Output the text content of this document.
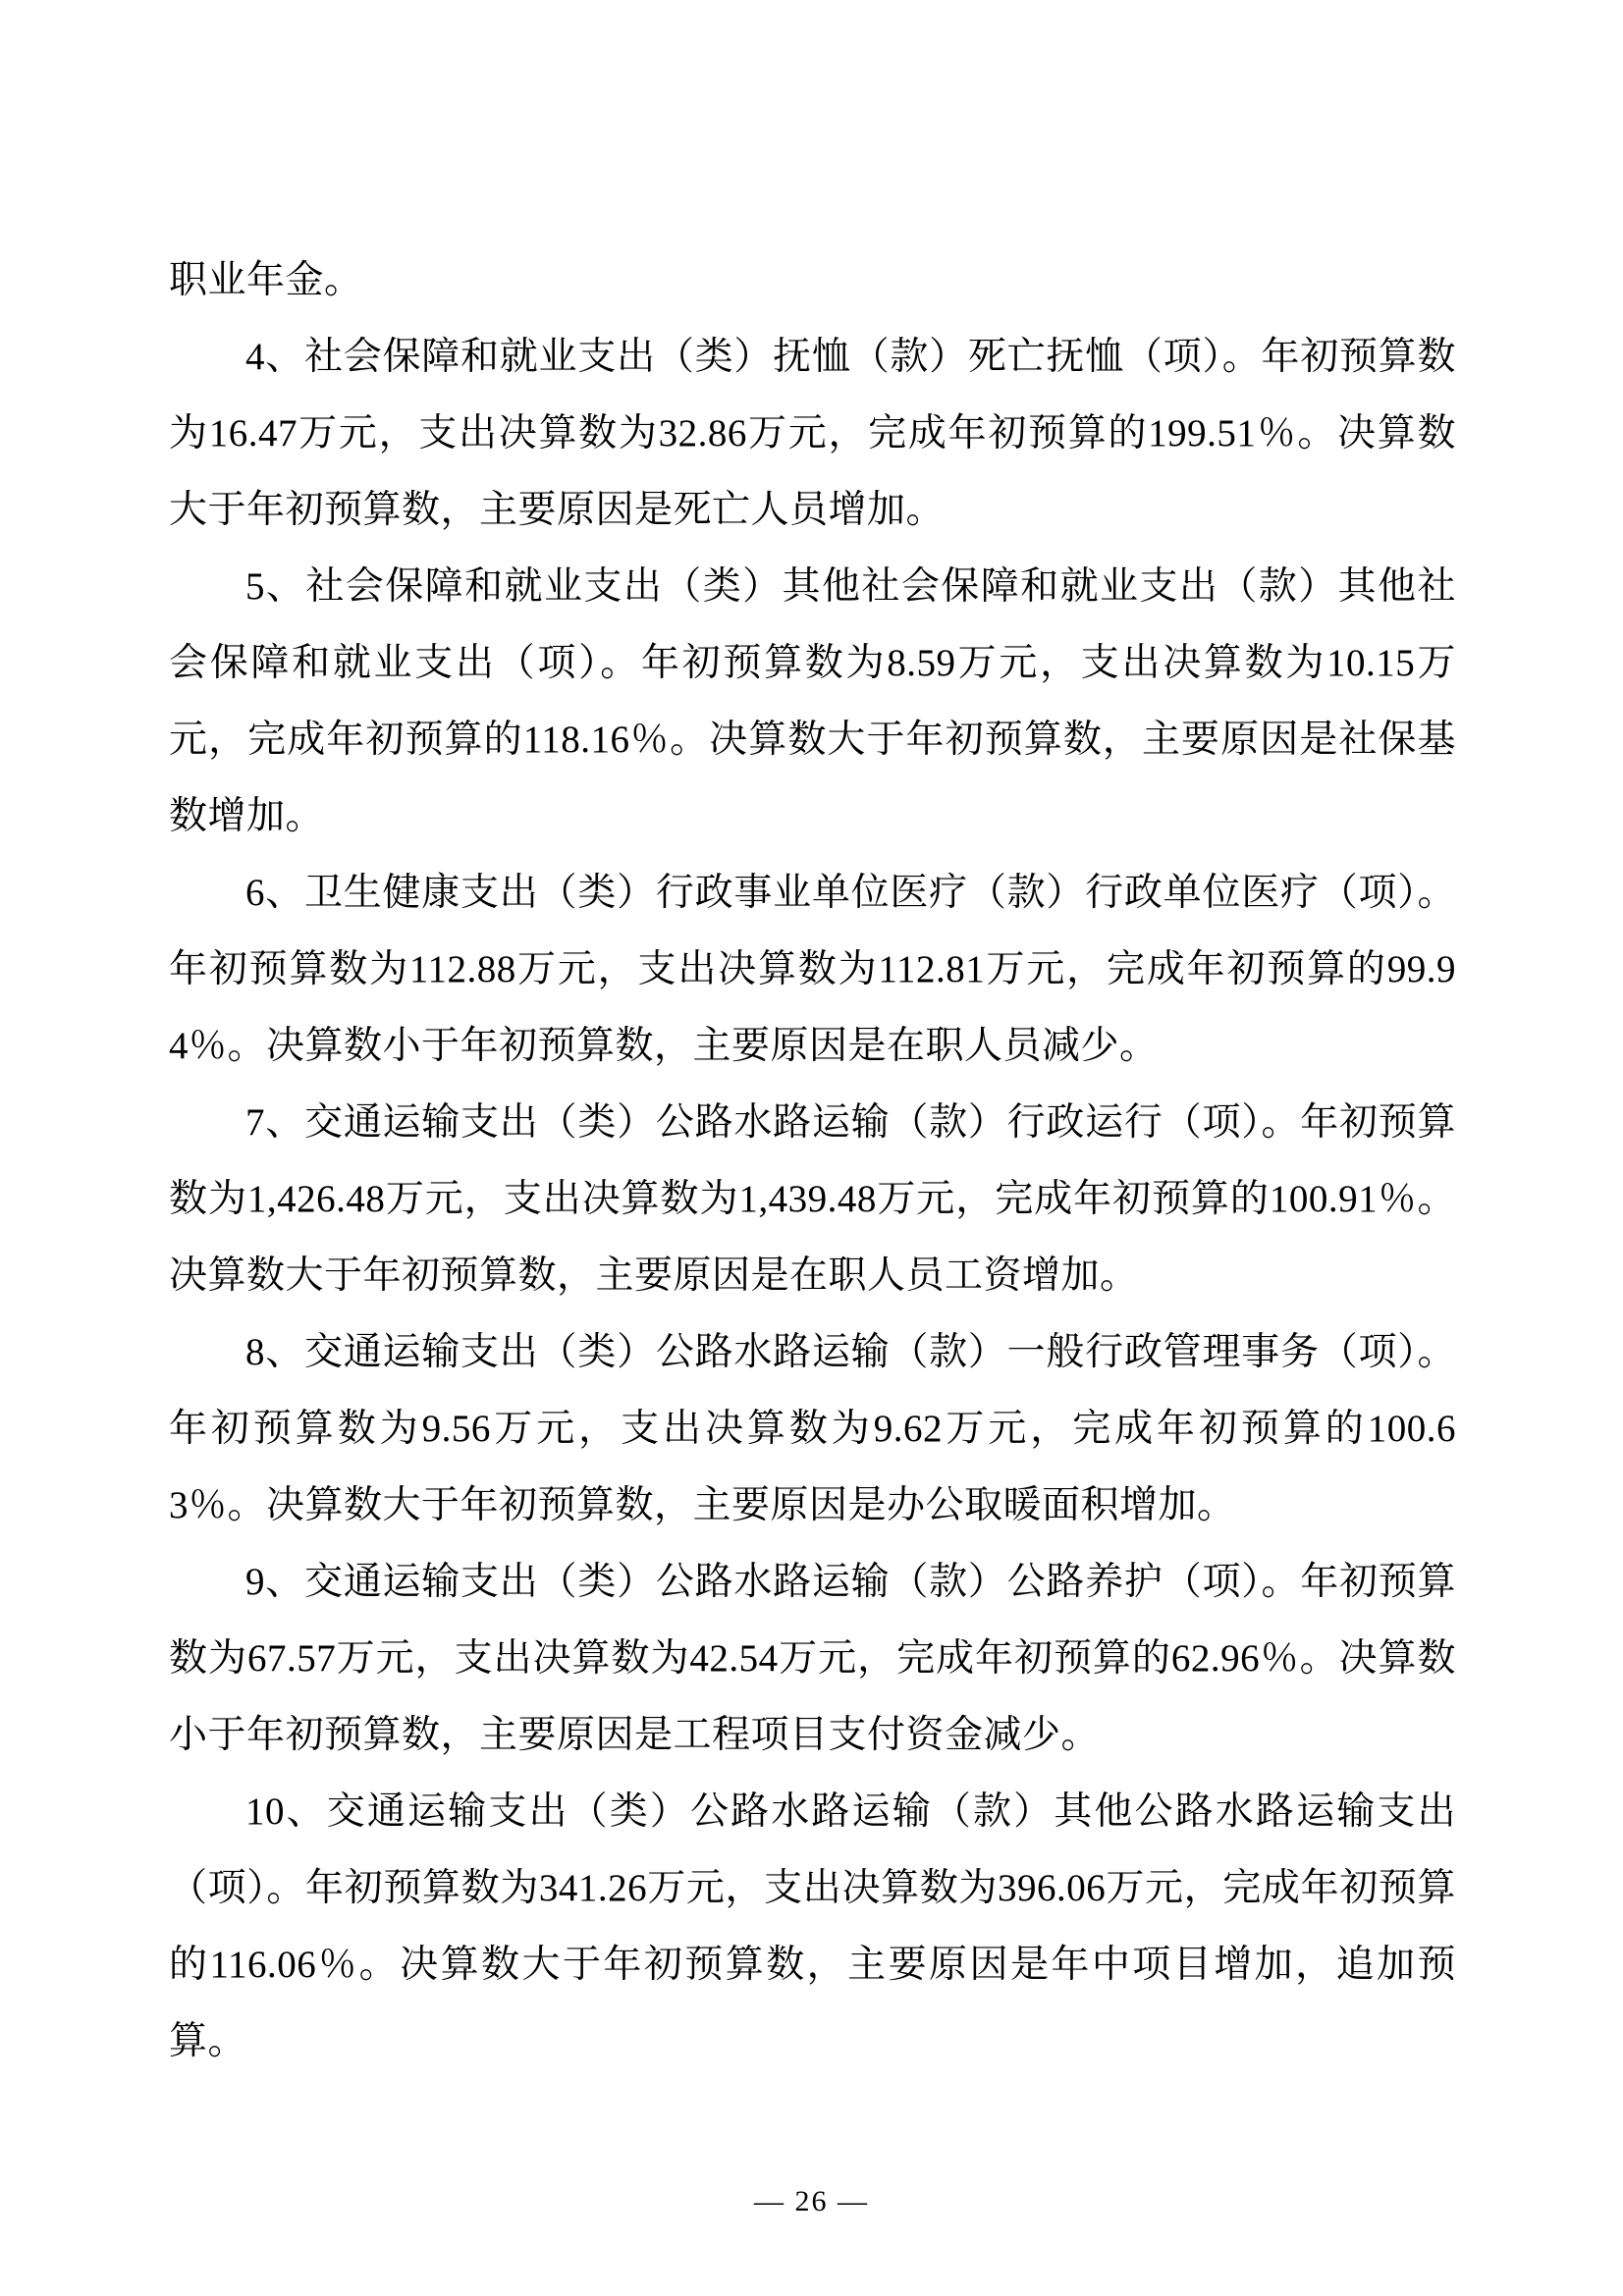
职业年金。

4、社会保障和就业支出（类）抚恤（款）死亡抚恤（项）。年初预算数为16.47万元，支出决算数为32.86万元，完成年初预算的199.51％。决算数大于年初预算数，主要原因是死亡人员增加。

5、社会保障和就业支出（类）其他社会保障和就业支出（款）其他社会保障和就业支出（项）。年初预算数为8.59万元，支出决算数为10.15万元，完成年初预算的118.16％。决算数大于年初预算数，主要原因是社保基数增加。

6、卫生健康支出（类）行政事业单位医疗（款）行政单位医疗（项）。年初预算数为112.88万元，支出决算数为112.81万元，完成年初预算的99.94％。决算数小于年初预算数，主要原因是在职人员减少。

7、交通运输支出（类）公路水路运输（款）行政运行（项）。年初预算数为1,426.48万元，支出决算数为1,439.48万元，完成年初预算的100.91％。决算数大于年初预算数，主要原因是在职人员工资增加。

8、交通运输支出（类）公路水路运输（款）一般行政管理事务（项）。年初预算数为9.56万元，支出决算数为9.62万元，完成年初预算的100.63％。决算数大于年初预算数，主要原因是办公取暖面积增加。

9、交通运输支出（类）公路水路运输（款）公路养护（项）。年初预算数为67.57万元，支出决算数为42.54万元，完成年初预算的62.96％。决算数小于年初预算数，主要原因是工程项目支付资金减少。

10、交通运输支出（类）公路水路运输（款）其他公路水路运输支出（项）。年初预算数为341.26万元，支出决算数为396.06万元，完成年初预算的116.06％。决算数大于年初预算数，主要原因是年中项目增加，追加预算。

— 26 —
